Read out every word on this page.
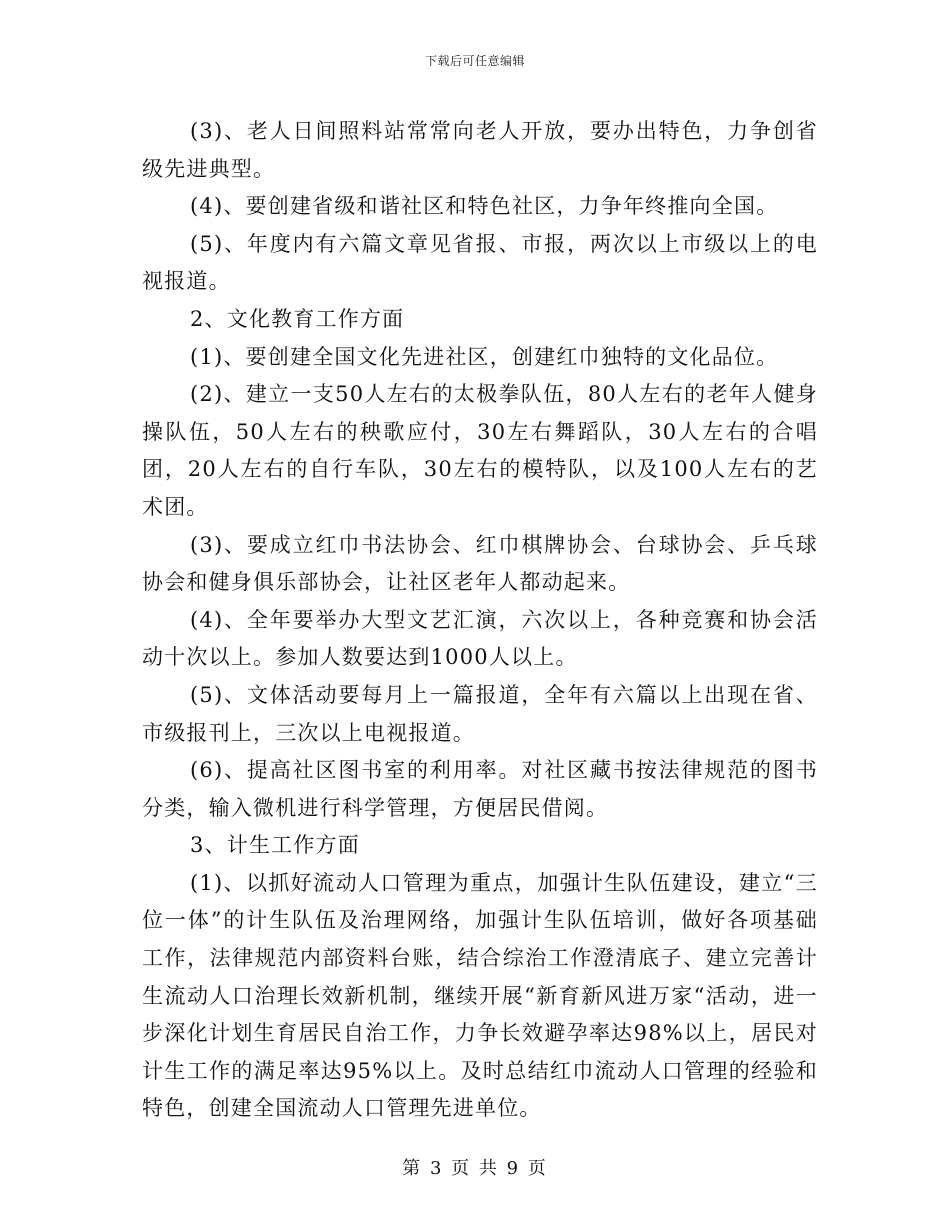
下载后可任意编辑

(3)、老人日间照料站常常向老人开放，要办出特色，力争创省级先进典型。

(4)、要创建省级和谐社区和特色社区，力争年终推向全国。

(5)、年度内有六篇文章见省报、市报，两次以上市级以上的电视报道。

2、文化教育工作方面

(1)、要创建全国文化先进社区，创建红巾独特的文化品位。

(2)、建立一支50人左右的太极拳队伍，80人左右的老年人健身操队伍，50人左右的秧歌应付，30左右舞蹈队，30人左右的合唱团，20人左右的自行车队，30左右的模特队，以及100人左右的艺术团。

(3)、要成立红巾书法协会、红巾棋牌协会、台球协会、乒乓球协会和健身俱乐部协会，让社区老年人都动起来。

(4)、全年要举办大型文艺汇演，六次以上，各种竞赛和协会活动十次以上。参加人数要达到1000人以上。

(5)、文体活动要每月上一篇报道，全年有六篇以上出现在省、市级报刊上，三次以上电视报道。

(6)、提高社区图书室的利用率。对社区藏书按法律规范的图书分类，输入微机进行科学管理，方便居民借阅。

3、计生工作方面

(1)、以抓好流动人口管理为重点，加强计生队伍建设，建立“三位一体”的计生队伍及治理网络，加强计生队伍培训，做好各项基础工作，法律规范内部资料台账，结合综治工作澄清底子、建立完善计生流动人口治理长效新机制，继续开展“新育新风进万家“活动，进一步深化计划生育居民自治工作，力争长效避孕率达98%以上，居民对计生工作的满足率达95%以上。及时总结红巾流动人口管理的经验和特色，创建全国流动人口管理先进单位。

第 3 页 共 9 页
